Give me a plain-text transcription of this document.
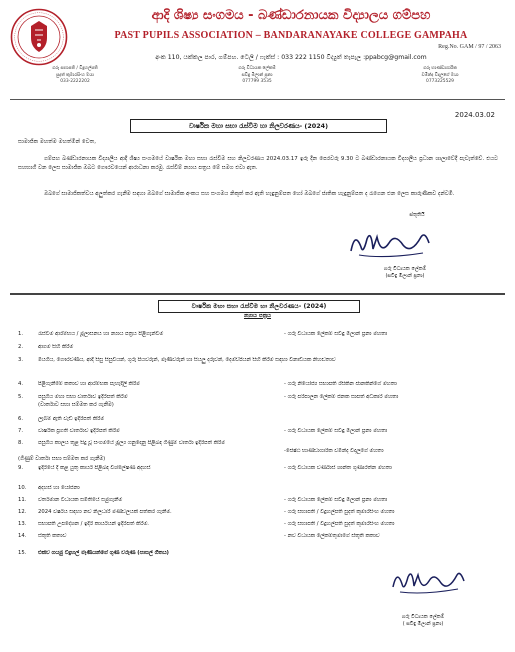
ආදි ශිෂ්‍ය සංගමය - බණ්ඩාරනායක විද්‍යාලය ගම්පහ
PAST PUPILS ASSOCIATION – BANDARANAYAKE COLLEGE GAMPAHA
Reg.No. GAM / 97 / 2063
අංක 110, යක්කල පාර, ගම්පහ. ටෙලි / ෆැක්ස් : 033 222 1150 විද්‍යුත් තැපැල :ppabcg@gmail.com
ගරු සභාපති / විදුහල්පති
සුදත් කුමාරසිංහ මයා
033-2222202
ගරු විධායක ලේකම්
සවිඳු මිලාන් ප්‍රනා
077799 3535
ගරු භාණ්ඩාගාරික
වමින්ද විදාලගේ මයා
0773225529
2024.03.02
වාර්ෂික මහා සභා රැස්වීම හා නිලවරණය- (2024)
සාමාජික මහත්ම මහත්මීන් වෙත,
ගම්පහ බණ්ඩාරනායක විද්‍යාලීය ආදි ශිෂ්‍ය සංගමයේ වාර්ෂික මහා සභා රැස්වීම සහ නිලවරණය 2024.03.17 ඉරු දින පෙරවරු 9.30 ට බණ්ඩාරනායක විද්‍යාලීය ප්‍රධාන ශාලාවේදී පැවැත්වේ. එයට සහභාගී වන ලෙස සාමාජික ඔබට ගෞරවයෙන් ආරාධනා කරමු. රැස්වීම් න්‍යාය පත්‍රය මේ සමග එවා ඇත.
ඔබගේ සාමාජිකත්වය අලුත්කර ගැනීම සඳහා ඔබගේ සාමාජික අංකය සහ සංගමය නිකුත් කර ඇති හැඳුනුම්පත හෝ ඔබගේ ජාතික හැඳුනුම්පත ද රැගෙන එන ලෙස කාරුණිකව දන්වමි.
ස්තූතියි
ගරු විධායක ලේකම්
(සවිඳු මිලාන් ප්‍රනා)
වාර්ෂික මහා සභා රැස්වීම හා නිලවරණය- (2024)
න්‍යාය පත්‍රය
1.	රැස්වීම ආරම්භය / මූලාසනය හා න්‍යාය පත්‍රය පිළිගැන්වීම	- ගරු විධායක ලේකම් සවිඳු මිලාන් ප්‍රනා මහතා
2.	ආගම සිහි කිරීම
3.	මියගිය, ගෞරවණීය, ආදි සිසු සිසුවියන්, ගුරු පියවරුන්, මෑණිවරුන් හා සියලු දරුවන්, දෙමව්පියන් සිහි කිරීම සඳහා විනාඩියක නිහඬතාව
4.	පිළිගැනීමේ කතාව හා ආරම්භක පැහැදිලි කිරීම	- ගරු නියෝජ්‍ය සභාපති රසිකින ජානකින්ගේ මහතා
5.	පසුගිය මහා සභා වාර්තාව ඉදිරිපත් කිරීම	- ගරු පරිපාලන ලේකම් ජනක සාපත් අධිකාරි මහතා
(වාර්තාව සභා සම්මත කර ගැනීම)
6.	ලැබීම් ඇති වැඩි ඉදිරිපත් කිරීම
7.	වාර්ෂික ප්‍රගති වාර්තාව ඉදිරිපත් කිරීම	- ගරු විධායක ලේකම් සවිඳු මිලාන් ප්‍රනා මහතා
8.	පසුගිය කාලය තුළ සිදු වූ සංගමයේ මූල්‍ය ගනුදෙනු පිළිබඳ ගිණුම් වාර්තා ඉදිරිපත් කිරීම
-ජෙෂ්ඨ භාණ්ඩාගාරික වමින්ද විදාලගේ මහතා
(ගිණුම් වාර්තා සභා සම්මත කර ගැනීම)
9.	ඉදිරියේ දී කළ යුතු කාර්ය පිළිබඳ විශ්ලේෂණ අදහස්	- ගරු විධායක වර්ණාස් ශාන්ත ගුණාරත්න මහතා
10.	අදහස් හා යෝජනා
11.	වර්තමාන විධායක සමිතියේ සමුගැනීම	- ගරු විධායක ලේකම් සවිඳු මිලාන් ප්‍රනා මහතා
12.	2024 වර්ෂය සඳහා නව නිලධාරී මණ්ඩලයක් පත්කර ගැනීම.	- ගරු සභාපති / විදුහල්පති සුදත් කුමාරසිංහ මහතා
13.	සභාපති උපදේශන / ඉදිරි කාර්යයන් ඉදිරිපත් කිරීම.	- ගරු සභාපති / විදුහල්පති සුදත් කුමාරසිංහ මහතා
14.	ස්තූති කතාව	- නව විධායක ලේකම්තුමාගේ ස්තූති කතාව
15.	එක්ව ගයමු විදුහල් මෑණියන්ගේ ගුණ වරුණ (පාසල් ගීතය)
ගරු විධායක ලේකම්
( සවිඳු මිලාන් ප්‍රනා)
